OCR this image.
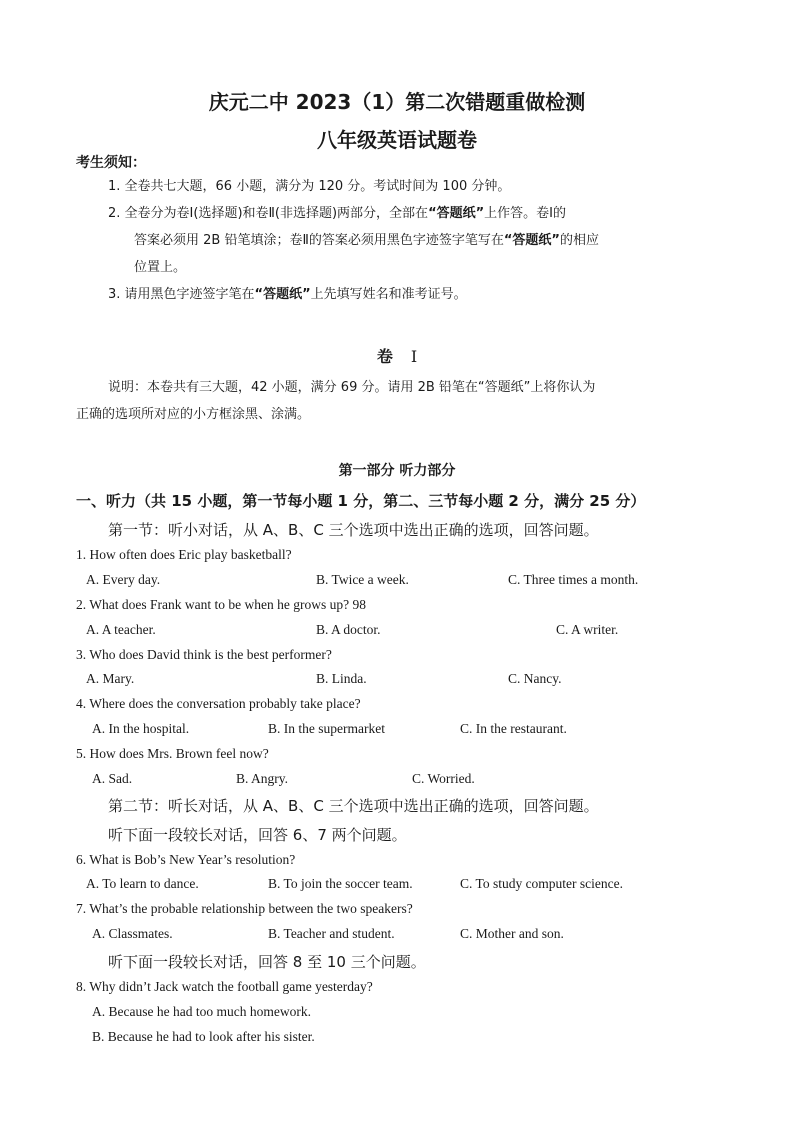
庆元二中 2023（1）第二次错题重做检测
八年级英语试题卷
考生须知：
1. 全卷共七大题，66 小题，满分为 120 分。考试时间为 100 分钟。
2. 全卷分为卷Ⅰ(选择题)和卷Ⅱ(非选择题)两部分，全部在“答题纸”上作答。卷Ⅰ的
答案必须用 2B 铅笔填涂；卷Ⅱ的答案必须用黑色字迹签字笔写在“答题纸”的相应
位置上。
3. 请用黑色字迹签字笔在“答题纸”上先填写姓名和准考证号。
卷 Ⅰ
说明：本卷共有三大题，42 小题，满分 69 分。请用 2B 铅笔在“答题纸”上将你认为
正确的选项所对应的小方框涂黑、涂满。
第一部分 听力部分
一、听力（共 15 小题，第一节每小题 1 分，第二、三节每小题 2 分，满分 25 分）
第一节：听小对话，从 A、B、C 三个选项中选出正确的选项，回答问题。
1. How often does Eric play basketball?
A. Every day.	B. Twice a week.	C. Three times a month.
2. What does Frank want to be when he grows up? 98
A. A teacher.	B. A doctor.	C. A writer.
3. Who does David think is the best performer?
A. Mary.	B. Linda.	C. Nancy.
4. Where does the conversation probably take place?
A. In the hospital.	B. In the supermarket	C. In the restaurant.
5. How does Mrs. Brown feel now?
A. Sad.	B. Angry.	C. Worried.
第二节：听长对话，从 A、B、C 三个选项中选出正确的选项，回答问题。
听下面一段较长对话，回答 6、7 两个问题。
6. What is Bob’s New Year’s resolution?
A. To learn to dance.	B. To join the soccer team.	C. To study computer science.
7. What’s the probable relationship between the two speakers?
A. Classmates.	B. Teacher and student.	C. Mother and son.
听下面一段较长对话，回答 8 至 10 三个问题。
8. Why didn’t Jack watch the football game yesterday?
A. Because he had too much homework.
B. Because he had to look after his sister.
